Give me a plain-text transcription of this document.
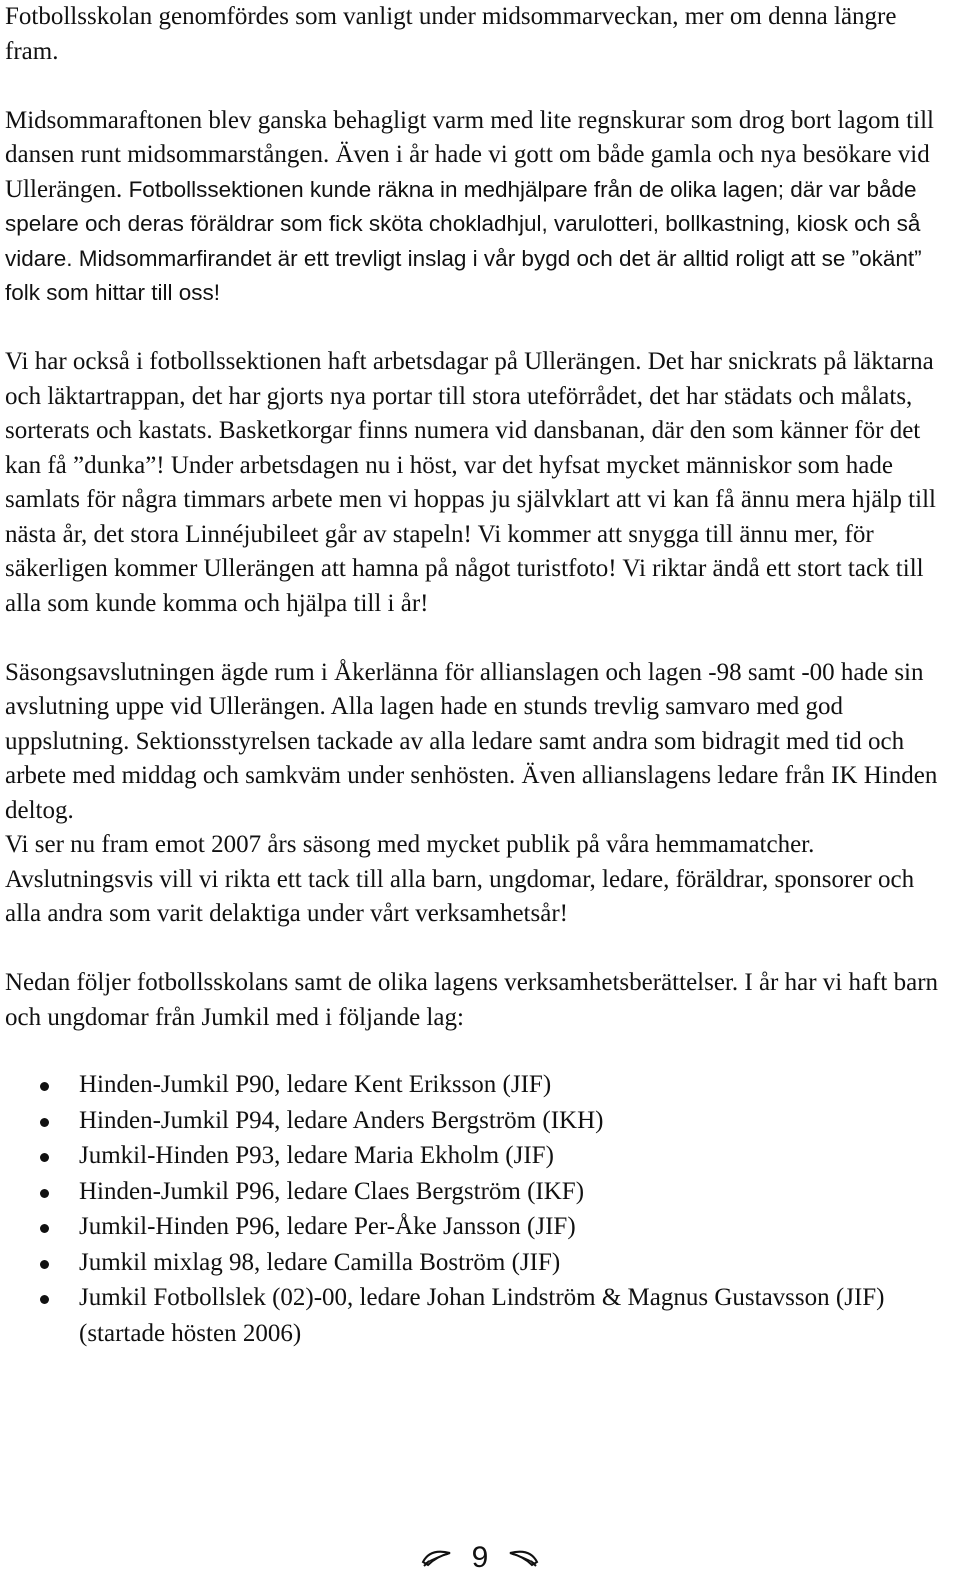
Fotbollsskolan genomfördes som vanligt under midsommarveckan, mer om denna längre fram.

Midsommaraftonen blev ganska behagligt varm med lite regnskurar som drog bort lagom till dansen runt midsommarstången. Även i år hade vi gott om både gamla och nya besökare vid Ullerängen. Fotbollssektionen kunde räkna in medhjälpare från de olika lagen; där var både spelare och deras föräldrar som fick sköta chokladhjul, varulotteri, bollkastning, kiosk och så vidare. Midsommarfirandet är ett trevligt inslag i vår bygd och det är alltid roligt att se ”okänt” folk som hittar till oss!

Vi har också i fotbollssektionen haft arbetsdagar på Ullerängen. Det har snickrats på läktarna och läktartrappan, det har gjorts nya portar till stora uteförrådet, det har städats och målats, sorterats och kastats. Basketkorgar finns numera vid dansbanan, där den som känner för det kan få ”dunka”! Under arbetsdagen nu i höst, var det hyfsat mycket människor som hade samlats för några timmars arbete men vi hoppas ju självklart att vi kan få ännu mera hjälp till nästa år, det stora Linnéjubileet går av stapeln! Vi kommer att snygga till ännu mer, för säkerligen kommer Ullerängen att hamna på något turistfoto! Vi riktar ändå ett stort tack till alla som kunde komma och hjälpa till i år!

Säsongsavslutningen ägde rum i Åkerlänna för allianslagen och lagen -98 samt -00 hade sin avslutning uppe vid Ullerängen. Alla lagen hade en stunds trevlig samvaro med god uppslutning. Sektionsstyrelsen tackade av alla ledare samt andra som bidragit med tid och arbete med middag och samkväm under senhösten. Även allianslagens ledare från IK Hinden deltog.

Vi ser nu fram emot 2007 års säsong med mycket publik på våra hemmamatcher.

Avslutningsvis vill vi rikta ett tack till alla barn, ungdomar, ledare, föräldrar, sponsorer och alla andra som varit delaktiga under vårt verksamhetsår!

Nedan följer fotbollsskolans samt de olika lagens verksamhetsberättelser. I år har vi haft barn och ungdomar från Jumkil med i följande lag:

Hinden-Jumkil P90, ledare Kent Eriksson (JIF)
Hinden-Jumkil P94, ledare Anders Bergström (IKH)
Jumkil-Hinden P93, ledare Maria Ekholm (JIF)
Hinden-Jumkil P96, ledare Claes Bergström (IKF)
Jumkil-Hinden P96, ledare Per-Åke Jansson (JIF)
Jumkil mixlag 98, ledare Camilla Boström (JIF)
Jumkil Fotbollslek (02)-00, ledare Johan Lindström & Magnus Gustavsson (JIF) (startade hösten 2006)
9
